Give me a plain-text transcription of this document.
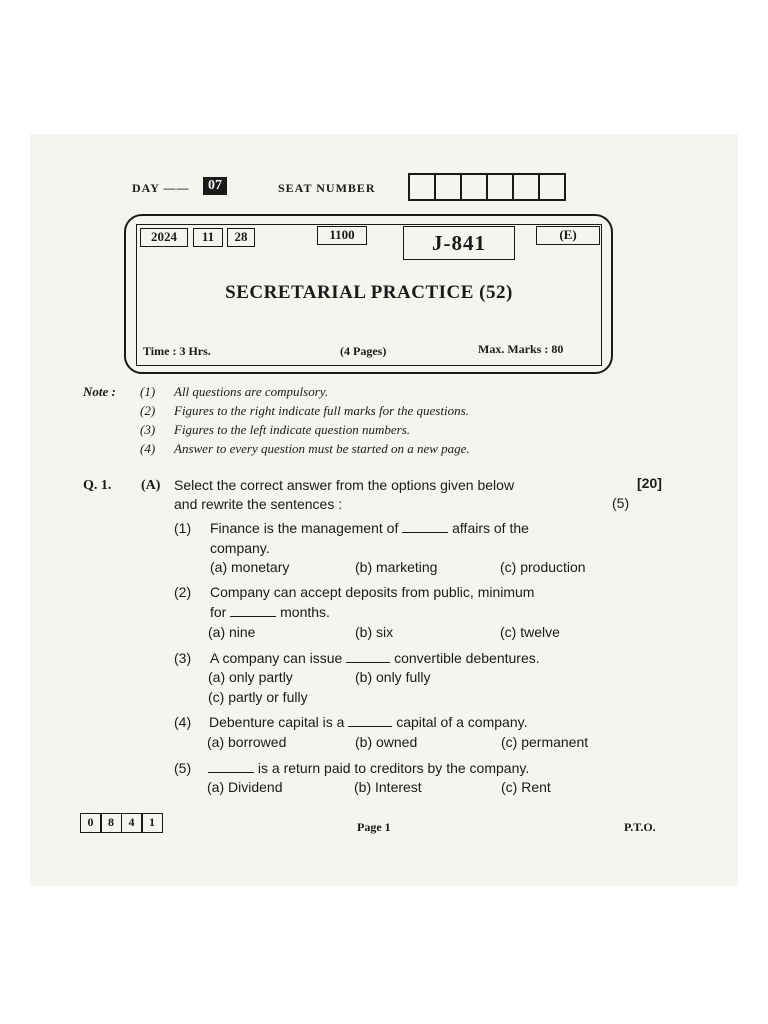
DAY ——	07	SEAT NUMBER
2024	11	28	1100	J-841	(E)
SECRETARIAL PRACTICE (52)
Time : 3 Hrs.	(4 Pages)	Max. Marks : 80
Note : (1) All questions are compulsory.
(2) Figures to the right indicate full marks for the questions.
(3) Figures to the left indicate question numbers.
(4) Answer to every question must be started on a new page.
Q. 1. (A) Select the correct answer from the options given below
and rewrite the sentences :
[20]
(5)
(1) Finance is the management of	affairs of the
company.
(a) monetary	(b) marketing	(c) production
(2) Company can accept deposits from public, minimum
for	months.
(a) nine	(b) six	(c) twelve
(3) A company can issue	convertible debentures.
(a) only partly	(b) only fully
(c) partly or fully
(4) Debenture capital is a	capital of a company.
(a) borrowed	(b) owned	(c) permanent
(5)	is a return paid to creditors by the company.
(a) Dividend	(b) Interest	(c) Rent
0	8	4	1	Page 1	P.T.O.
